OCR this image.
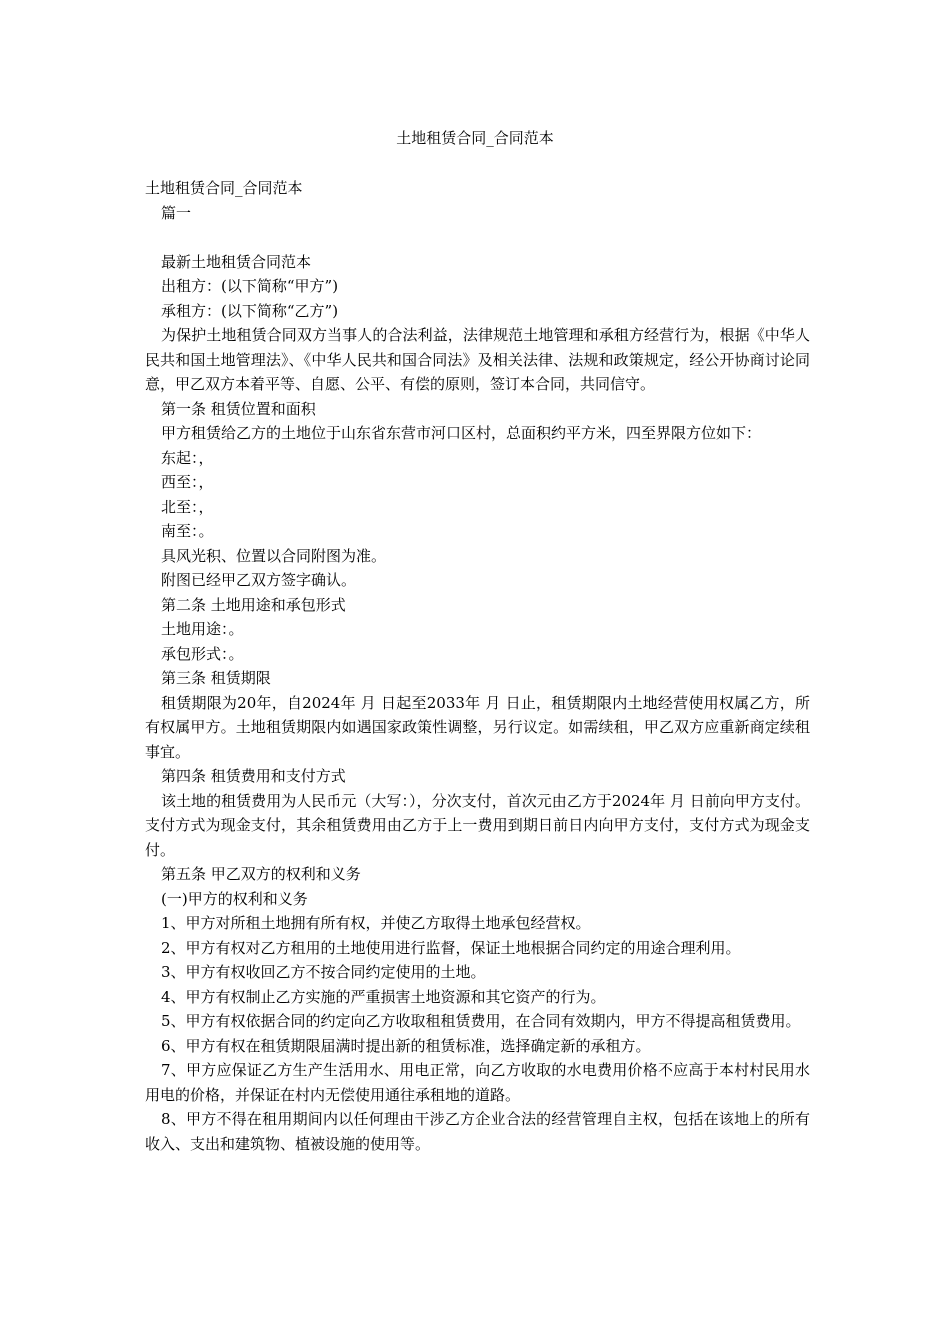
土地租赁合同_合同范本

土地租赁合同_合同范本

篇一

最新土地租赁合同范本

出租方：(以下简称“甲方”)

承租方：(以下简称“乙方”)

为保护土地租赁合同双方当事人的合法利益，法律规范土地管理和承租方经营行为，根据《中华人民共和国土地管理法》、《中华人民共和国合同法》及相关法律、法规和政策规定，经公开协商讨论同意，甲乙双方本着平等、自愿、公平、有偿的原则，签订本合同，共同信守。

第一条 租赁位置和面积

甲方租赁给乙方的土地位于山东省东营市河口区村，总面积约平方米，四至界限方位如下：

东起：，

西至：，

北至：，

南至：。

具风光积、位置以合同附图为准。

附图已经甲乙双方签字确认。

第二条 土地用途和承包形式

土地用途：。

承包形式：。

第三条 租赁期限

租赁期限为20年，自2024年 月 日起至2033年 月 日止，租赁期限内土地经营使用权属乙方，所有权属甲方。土地租赁期限内如遇国家政策性调整，另行议定。如需续租，甲乙双方应重新商定续租事宜。

第四条 租赁费用和支付方式

该土地的租赁费用为人民币元（大写：），分次支付，首次元由乙方于2024年 月 日前向甲方支付。支付方式为现金支付，其余租赁费用由乙方于上一费用到期日前日内向甲方支付，支付方式为现金支付。

第五条 甲乙双方的权利和义务

(一)甲方的权利和义务

1、甲方对所租土地拥有所有权，并使乙方取得土地承包经营权。

2、甲方有权对乙方租用的土地使用进行监督，保证土地根据合同约定的用途合理利用。

3、甲方有权收回乙方不按合同约定使用的土地。

4、甲方有权制止乙方实施的严重损害土地资源和其它资产的行为。

5、甲方有权依据合同的约定向乙方收取租租赁费用，在合同有效期内，甲方不得提高租赁费用。

6、甲方有权在租赁期限届满时提出新的租赁标准，选择确定新的承租方。

7、甲方应保证乙方生产生活用水、用电正常，向乙方收取的水电费用价格不应高于本村村民用水用电的价格，并保证在村内无偿使用通往承租地的道路。

8、甲方不得在租用期间内以任何理由干涉乙方企业合法的经营管理自主权，包括在该地上的所有收入、支出和建筑物、植被设施的使用等。
